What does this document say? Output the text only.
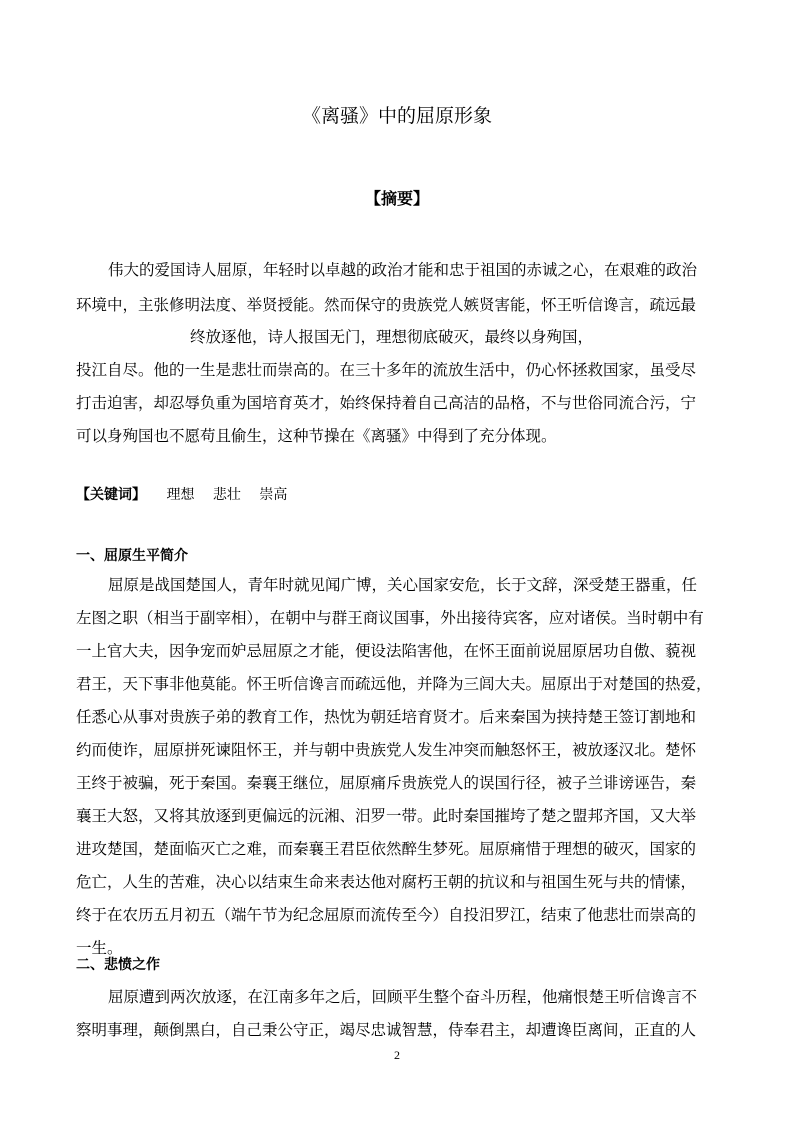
《离骚》中的屈原形象
【摘要】
伟大的爱国诗人屈原，年轻时以卓越的政治才能和忠于祖国的赤诚之心，在艰难的政治
环境中，主张修明法度、举贤授能。然而保守的贵族党人嫉贤害能，怀王听信谗言，疏远最
终放逐他，诗人报国无门，理想彻底破灭，最终以身殉国，
投江自尽。他的一生是悲壮而崇高的。在三十多年的流放生活中，仍心怀拯救国家，虽受尽
打击迫害，却忍辱负重为国培育英才，始终保持着自己高洁的品格，不与世俗同流合污，宁
可以身殉国也不愿苟且偷生，这种节操在《离骚》中得到了充分体现。
【关键词】 理想 悲壮 崇高
一、屈原生平简介
屈原是战国楚国人，青年时就见闻广博，关心国家安危，长于文辞，深受楚王器重，任
左图之职（相当于副宰相），在朝中与群王商议国事，外出接待宾客，应对诸侯。当时朝中有
一上官大夫，因争宠而妒忌屈原之才能，便设法陷害他，在怀王面前说屈原居功自傲、藐视
君王，天下事非他莫能。怀王听信谗言而疏远他，并降为三闾大夫。屈原出于对楚国的热爱，
任悉心从事对贵族子弟的教育工作，热忱为朝廷培育贤才。后来秦国为挟持楚王签订割地和
约而使诈，屈原拼死谏阻怀王，并与朝中贵族党人发生冲突而触怒怀王，被放逐汉北。楚怀
王终于被骗，死于秦国。秦襄王继位，屈原痛斥贵族党人的误国行径，被子兰诽谤诬告，秦
襄王大怒，又将其放逐到更偏远的沅湘、汨罗一带。此时秦国摧垮了楚之盟邦齐国，又大举
进攻楚国，楚面临灭亡之难，而秦襄王君臣依然醉生梦死。屈原痛惜于理想的破灭，国家的
危亡，人生的苦难，决心以结束生命来表达他对腐朽王朝的抗议和与祖国生死与共的情愫，
终于在农历五月初五（端午节为纪念屈原而流传至今）自投汨罗江，结束了他悲壮而崇高的
一生。
二、悲愤之作
屈原遭到两次放逐，在江南多年之后，回顾平生整个奋斗历程，他痛恨楚王听信谗言不
察明事理，颠倒黑白，自己秉公守正，竭尽忠诚智慧，侍奉君主，却遭谗臣离间，正直的人
2
